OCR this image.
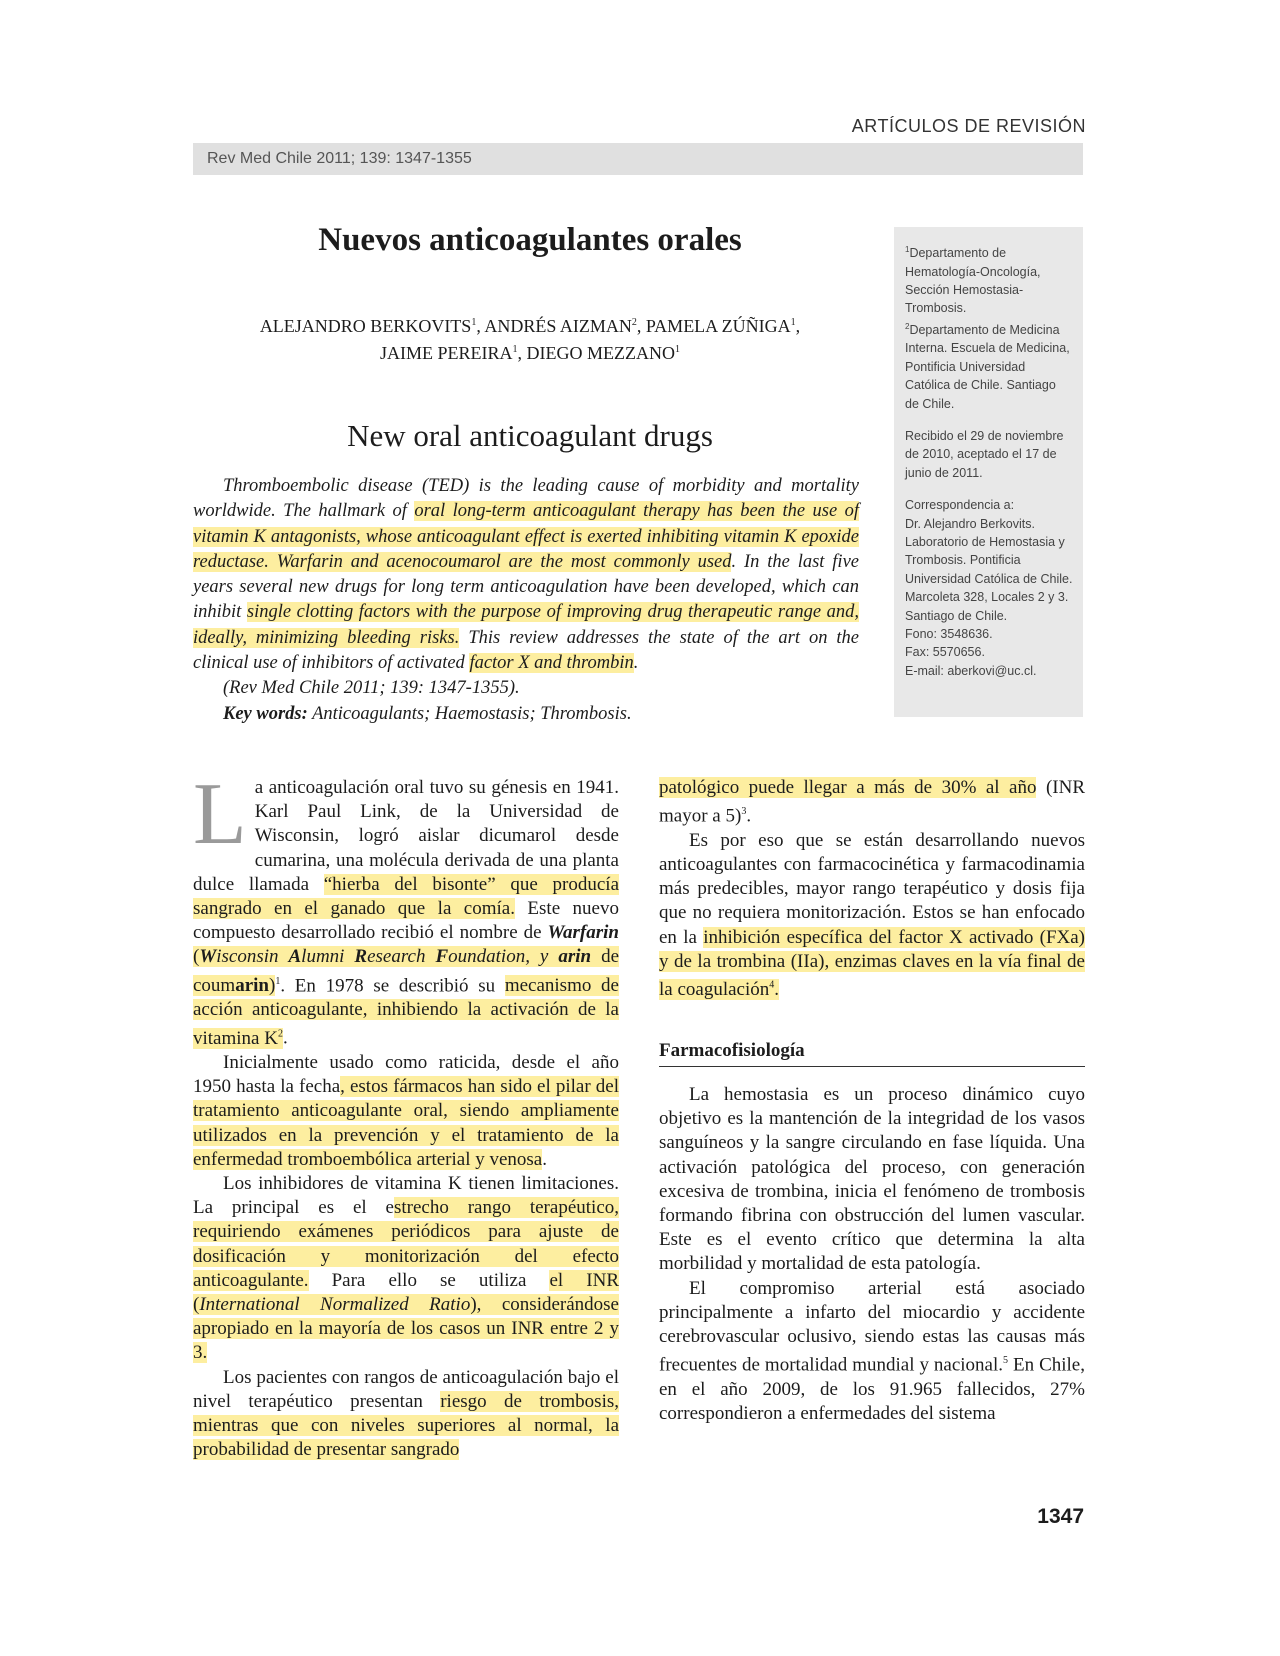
ARTÍCULOS DE REVISIÓN
Rev Med Chile 2011; 139: 1347-1355
Nuevos anticoagulantes orales

ALEJANDRO BERKOVITS$^1$, ANDRÉS AIZMAN$^2$, PAMELA ZÚÑIGA$^1$,
JAIME PEREIRA$^1$, DIEGO MEZZANO$^1$

New oral anticoagulant drugs

Thromboembolic disease (TED) is the leading cause of morbidity and mortality worldwide. The hallmark of oral long-term anticoagulant therapy has been the use of vitamin K antagonists, whose anticoagulant effect is exerted inhibiting vitamin K epoxide reductase. Warfarin and acenocoumarol are the most commonly used. In the last five years several new drugs for long term anticoagulation have been developed, which can inhibit single clotting factors with the purpose of improving drug therapeutic range and, ideally, minimizing bleeding risks. This review addresses the state of the art on the clinical use of inhibitors of activated factor X and thrombin.

(Rev Med Chile 2011; 139: 1347-1355).

Key words: Anticoagulants; Haemostasis; Thrombosis.

$^1$Departamento de Hematología-Oncología, Sección Hemostasia-Trombosis.
$^2$Departamento de Medicina Interna. Escuela de Medicina, Pontificia Universidad Católica de Chile. Santiago de Chile.

Recibido el 29 de noviembre de 2010, aceptado el 17 de junio de 2011.

Correspondencia a:
Dr. Alejandro Berkovits. Laboratorio de Hemostasia y Trombosis. Pontificia Universidad Católica de Chile.
Marcoleta 328, Locales 2 y 3. Santiago de Chile.
Fono: 3548636.
Fax: 5570656.
E-mail: aberkovi@uc.cl.

La anticoagulación oral tuvo su génesis en 1941. Karl Paul Link, de la Universidad de Wisconsin, logró aislar dicumarol desde cumarina, una molécula derivada de una planta dulce llamada “hierba del bisonte” que producía sangrado en el ganado que la comía. Este nuevo compuesto desarrollado recibió el nombre de Warfarin (Wisconsin Alumni Research Foundation, y arin de coumarin)$^1$. En 1978 se describió su mecanismo de acción anticoagulante, inhibiendo la activación de la vitamina $K^2$.

Inicialmente usado como raticida, desde el año 1950 hasta la fecha, estos fármacos han sido el pilar del tratamiento anticoagulante oral, siendo ampliamente utilizados en la prevención y el tratamiento de la enfermedad tromboembólica arterial y venosa.

Los inhibidores de vitamina K tienen limitaciones. La principal es el estrecho rango terapéutico, requiriendo exámenes periódicos para ajuste de dosificación y monitorización del efecto anticoagulante. Para ello se utiliza el INR (International Normalized Ratio), considerándose apropiado en la mayoría de los casos un INR entre 2 y 3.

Los pacientes con rangos de anticoagulación bajo el nivel terapéutico presentan riesgo de trombosis, mientras que con niveles superiores al normal, la probabilidad de presentar sangrado

patológico puede llegar a más de 30% al año (INR mayor a 5)$^3$.

Es por eso que se están desarrollando nuevos anticoagulantes con farmacocinética y farmacodinamia más predecibles, mayor rango terapéutico y dosis fija que no requiera monitorización. Estos se han enfocado en la inhibición específica del factor X activado (FXa) y de la trombina (IIa), enzimas claves en la vía final de la coagulación$^4$.

Farmacofisiología

La hemostasia es un proceso dinámico cuyo objetivo es la mantención de la integridad de los vasos sanguíneos y la sangre circulando en fase líquida. Una activación patológica del proceso, con generación excesiva de trombina, inicia el fenómeno de trombosis formando fibrina con obstrucción del lumen vascular. Este es el evento crítico que determina la alta morbilidad y mortalidad de esta patología.

El compromiso arterial está asociado principalmente a infarto del miocardio y accidente cerebrovascular oclusivo, siendo estas las causas más frecuentes de mortalidad mundial y nacional.$^5$ En Chile, en el año 2009, de los 91.965 fallecidos, 27% correspondieron a enfermedades del sistema

1347
